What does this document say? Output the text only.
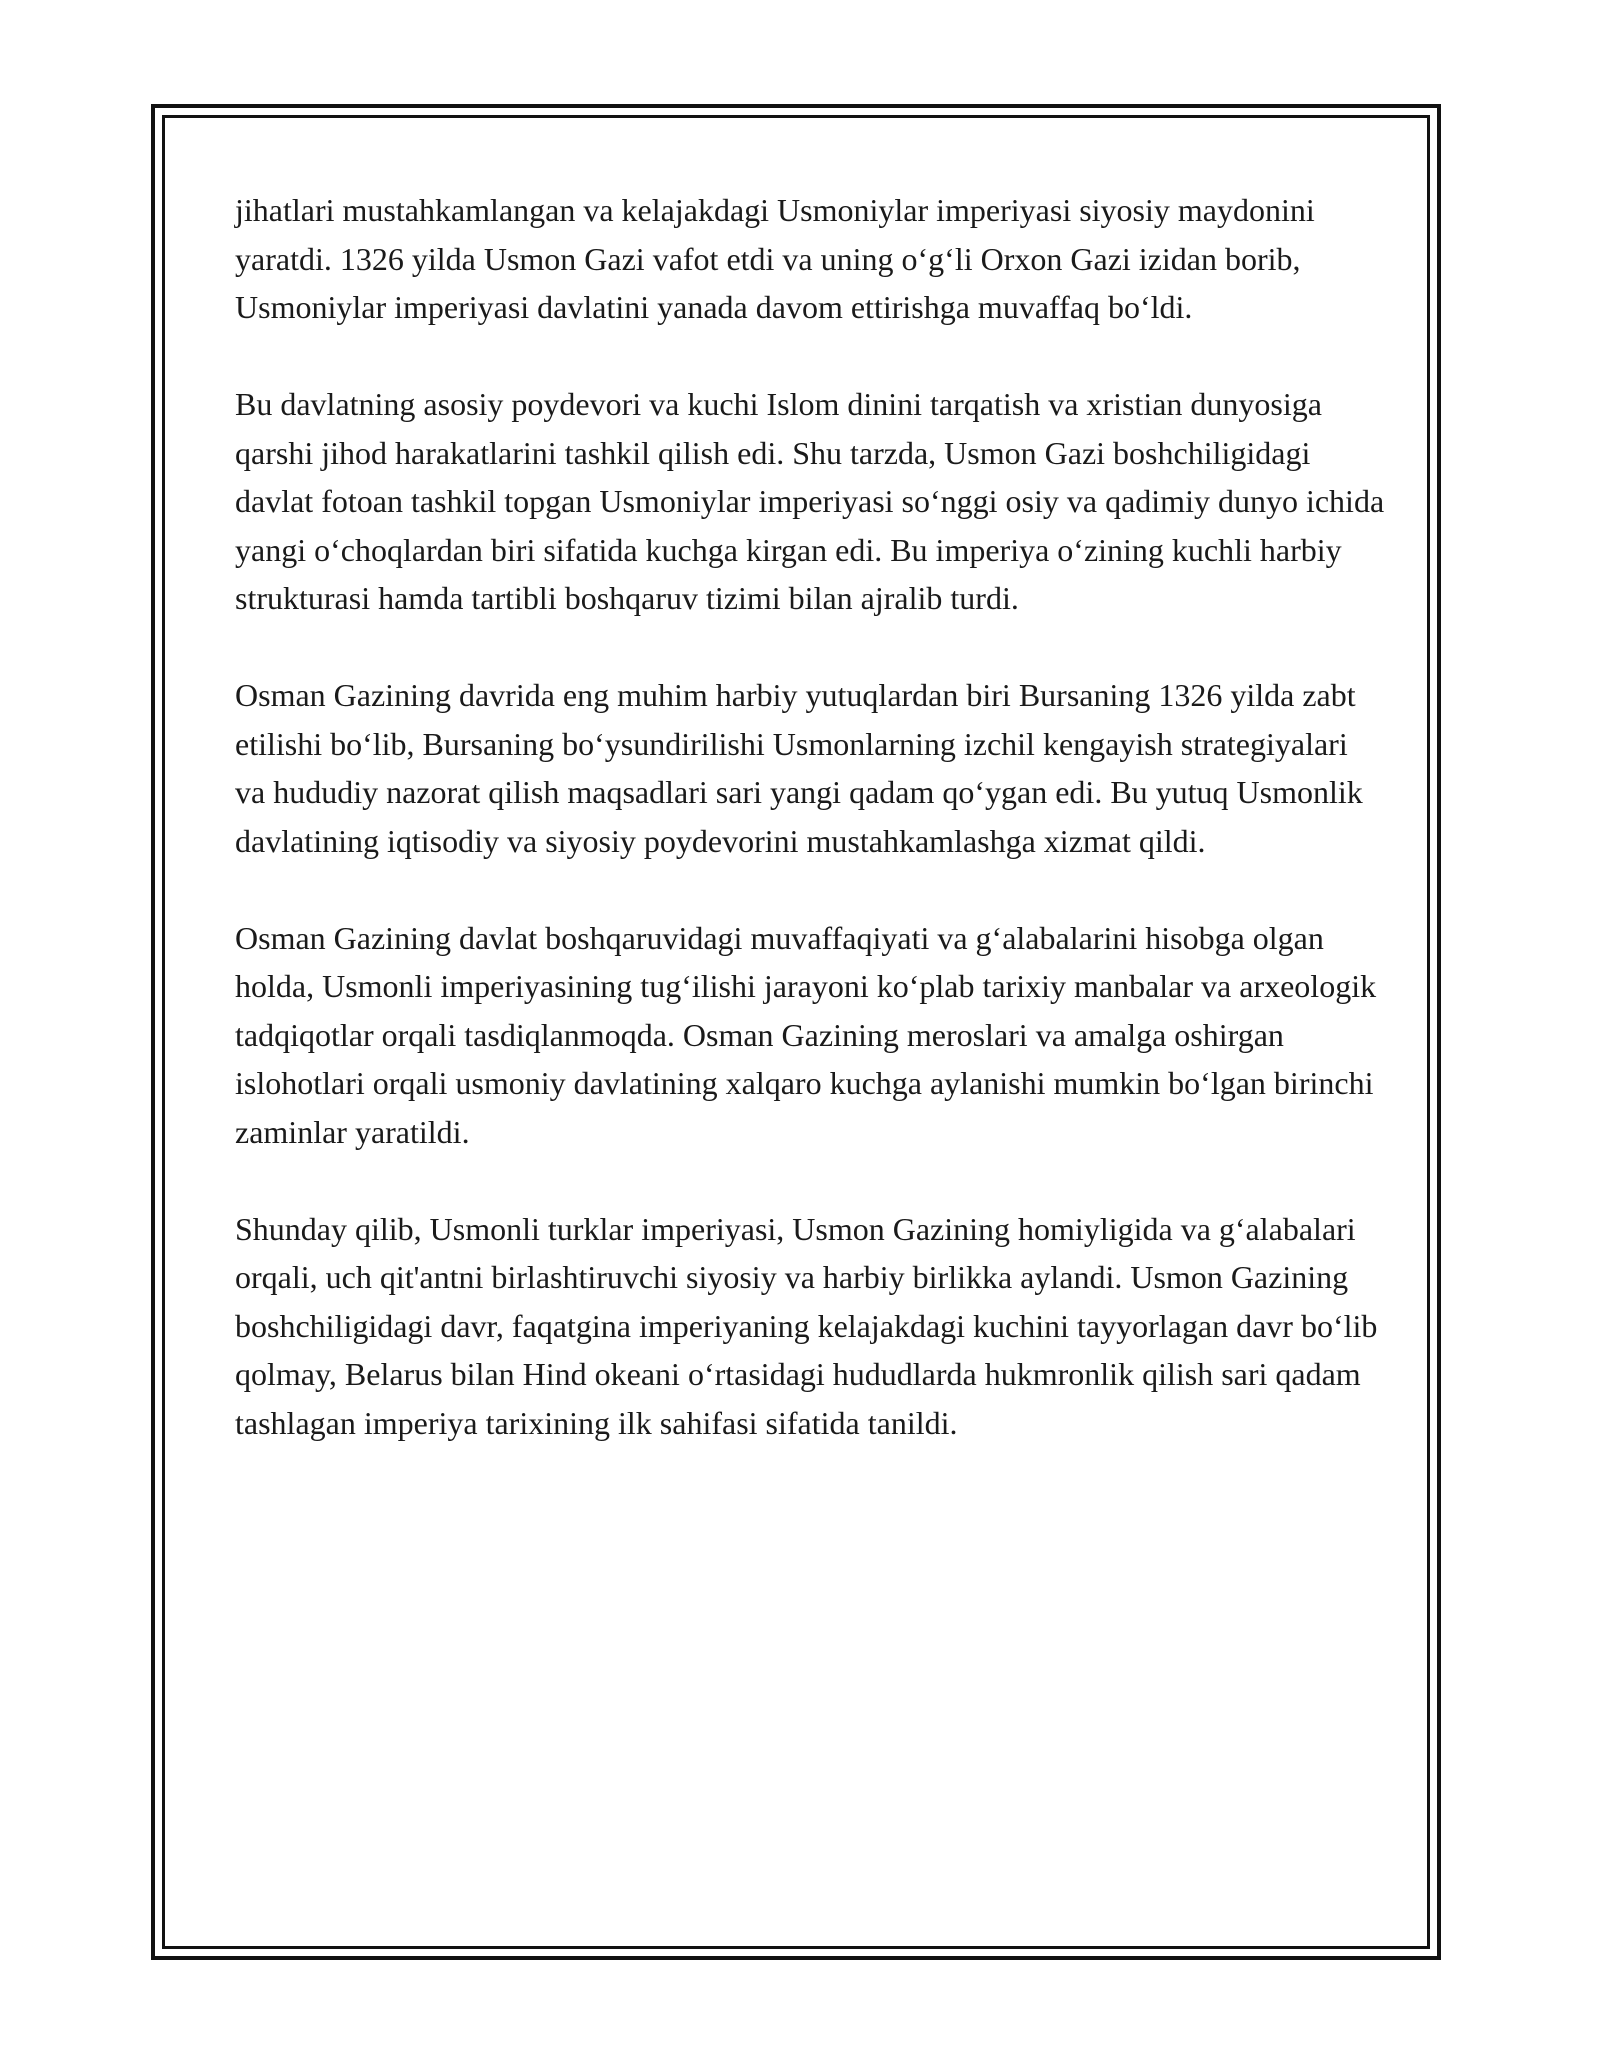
jihatlari mustahkamlangan va kelajakdagi Usmoniylar imperiyasi siyosiy maydonini yaratdi. 1326 yilda Usmon Gazi vafot etdi va uning o‘g‘li Orxon Gazi izidan borib, Usmoniylar imperiyasi davlatini yanada davom ettirishga muvaffaq bo‘ldi.

Bu davlatning asosiy poydevori va kuchi Islom dinini tarqatish va xristian dunyosiga qarshi jihod harakatlarini tashkil qilish edi. Shu tarzda, Usmon Gazi boshchiligidagi davlat fotoan tashkil topgan Usmoniylar imperiyasi so‘nggi osiy va qadimiy dunyo ichida yangi o‘choqlardan biri sifatida kuchga kirgan edi. Bu imperiya o‘zining kuchli harbiy strukturasi hamda tartibli boshqaruv tizimi bilan ajralib turdi.

Osman Gazining davrida eng muhim harbiy yutuqlardan biri Bursaning 1326 yilda zabt etilishi bo‘lib, Bursaning bo‘ysundirilishi Usmonlarning izchil kengayish strategiyalari va hududiy nazorat qilish maqsadlari sari yangi qadam qo‘ygan edi. Bu yutuq Usmonlik davlatining iqtisodiy va siyosiy poydevorini mustahkamlashga xizmat qildi.

Osman Gazining davlat boshqaruvidagi muvaffaqiyati va g‘alabalarini hisobga olgan holda, Usmonli imperiyasining tug‘ilishi jarayoni ko‘plab tarixiy manbalar va arxeologik tadqiqotlar orqali tasdiqlanmoqda. Osman Gazining meroslari va amalga oshirgan islohotlari orqali usmoniy davlatining xalqaro kuchga aylanishi mumkin bo‘lgan birinchi zaminlar yaratildi.

Shunday qilib, Usmonli turklar imperiyasi, Usmon Gazining homiyligida va g‘alabalari orqali, uch qit'antni birlashtiruvchi siyosiy va harbiy birlikka aylandi. Usmon Gazining boshchiligidagi davr, faqatgina imperiyaning kelajakdagi kuchini tayyorlagan davr bo‘lib qolmay, Belarus bilan Hind okeani o‘rtasidagi hududlarda hukmronlik qilish sari qadam tashlagan imperiya tarixining ilk sahifasi sifatida tanildi.
